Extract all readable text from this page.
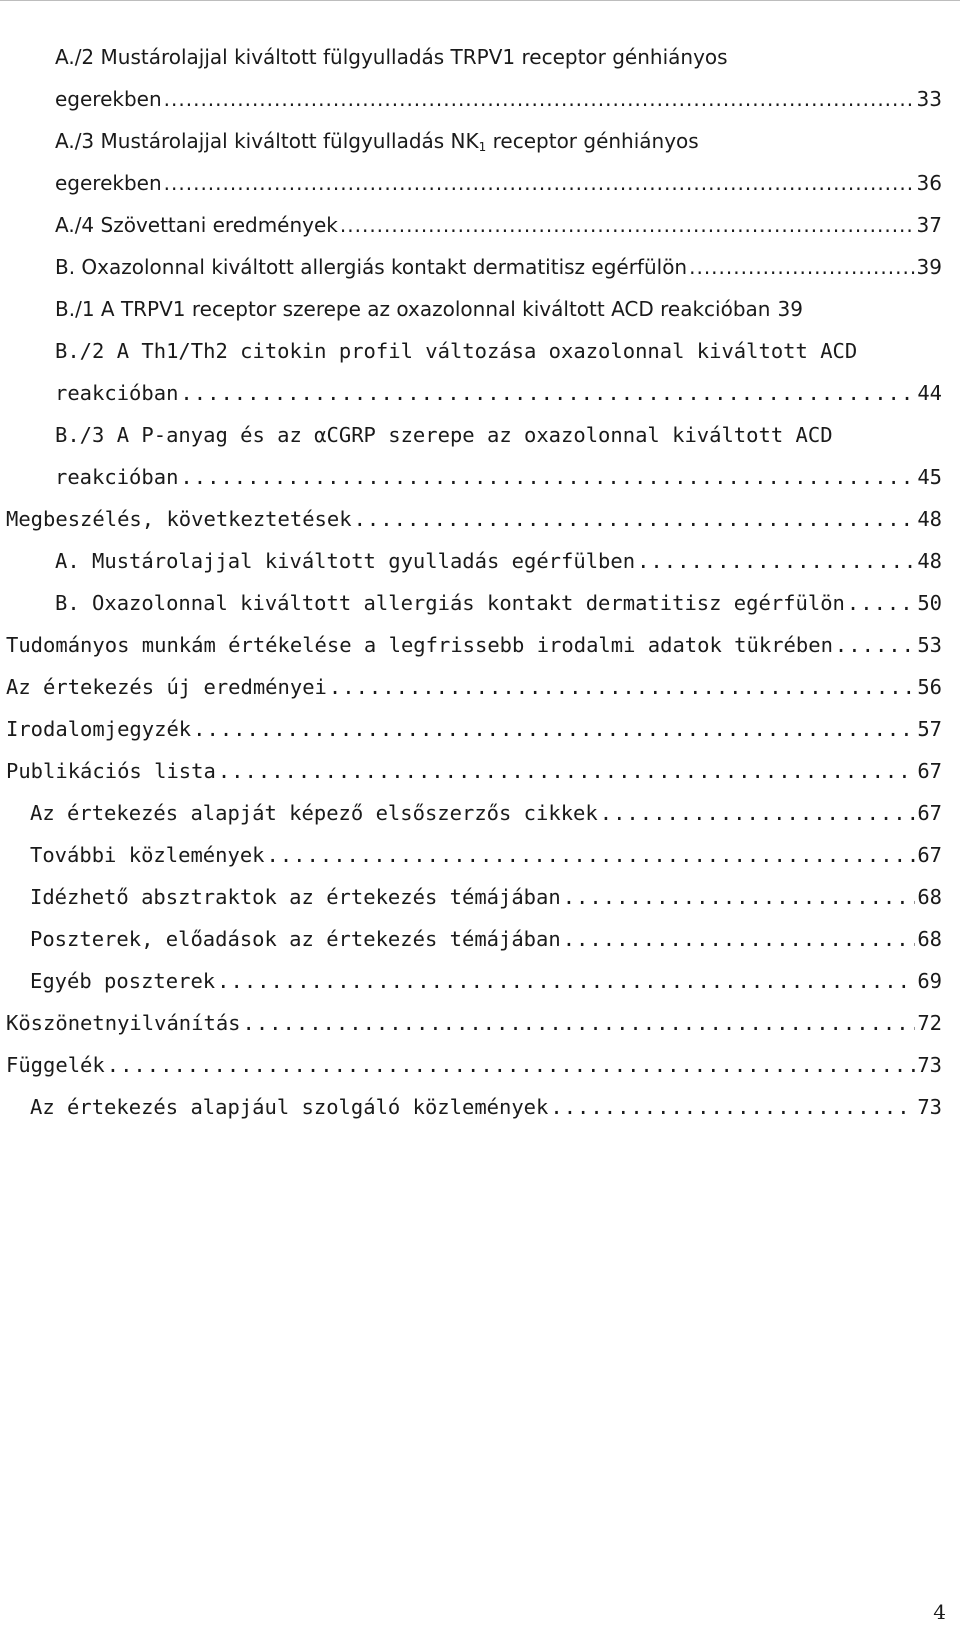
A./2 Mustárolajjal kiváltott fülgyulladás TRPV1 receptor génhiányos
egerekben .....	33
A./3 Mustárolajjal kiváltott fülgyulladás $NK_1$ receptor génhiányos
egerekben .....	36
A./4 Szövettani eredmények .....	37
B. Oxazolonnal kiváltott allergiás kontakt dermatitisz egérfülön .....	39
B./1 A TRPV1 receptor szerepe az oxazolonnal kiváltott ACD reakcióban 39
B./2 A Th1/Th2 citokin profil változása oxazolonnal kiváltott ACD
reakcióban .....	44
B./3 A P-anyag és az αCGRP szerepe az oxazolonnal kiváltott ACD
reakcióban .....	45
Megbeszélés, következtetések .....	48
A. Mustárolajjal kiváltott gyulladás egérfülben .....	48
B. Oxazolonnal kiváltott allergiás kontakt dermatitisz egérfülön .....	50
Tudományos munkám értékelése a legfrissebb irodalmi adatok tükrében .....	53
Az értekezés új eredményei .....	56
Irodalomjegyzék .....	57
Publikációs lista .....	67
Az értekezés alapját képező elsőszerzős cikkek .....	67
További közlemények .....	67
Idézhető absztraktok az értekezés témájában .....	68
Poszterek, előadások az értekezés témájában .....	68
Egyéb poszterek .....	69
Köszönetnyilvánítás .....	72
Függelék .....	73
Az értekezés alapjául szolgáló közlemények .....	73
4
